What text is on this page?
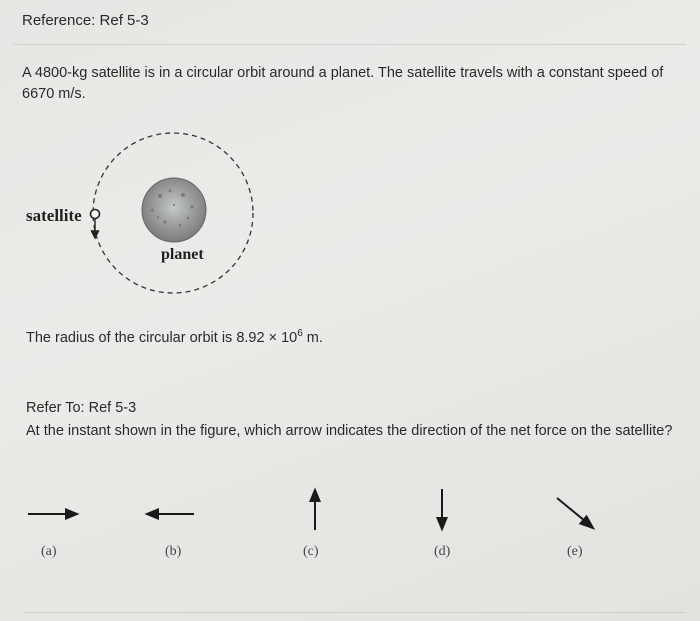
Reference: Ref 5-3

A 4800-kg satellite is in a circular orbit around a planet. The satellite travels with a constant speed of 6670 m/s.

satellite
planet

The radius of the circular orbit is $8.92 \times 10^6$ m.

Refer To: Ref 5-3

At the instant shown in the figure, which arrow indicates the direction of the net force on the satellite?

(a)	(b)	(c)	(d)	(e)
